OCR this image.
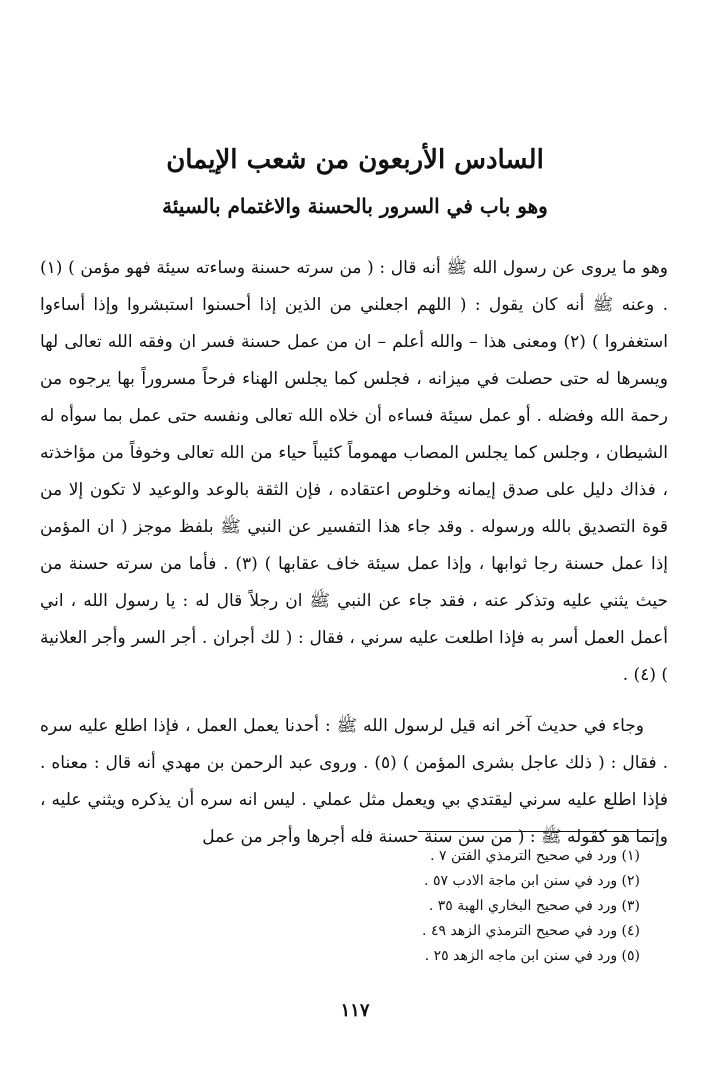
السادس الأربعون من شعب الإيمان
وهو باب في السرور بالحسنة والاغتمام بالسيئة

وهو ما يروى عن رسول الله ﷺ أنه قال : ( من سرته حسنة وساءته سيئة فهو مؤمن ) (١) . وعنه ﷺ أنه كان يقول : ( اللهم اجعلني من الذين إذا أحسنوا استبشروا وإذا أساءوا استغفروا ) (٢) ومعنى هذا – والله أعلم – ان من عمل حسنة فسر ان وفقه الله تعالى لها ويسرها له حتى حصلت في ميزانه ، فجلس كما يجلس الهناء فرحاً مسروراً بها يرجوه من رحمة الله وفضله . أو عمل سيئة فساءه أن خلاه الله تعالى ونفسه حتى عمل بما سوأه له الشيطان ، وجلس كما يجلس المصاب مهموماً كئيباً حياء من الله تعالى وخوفاً من مؤاخذته ، فذاك دليل على صدق إيمانه وخلوص اعتقاده ، فإن الثقة بالوعد والوعيد لا تكون إلا من قوة التصديق بالله ورسوله . وقد جاء هذا التفسير عن النبي ﷺ بلفظ موجز ( ان المؤمن إذا عمل حسنة رجا ثوابها ، وإذا عمل سيئة خاف عقابها ) (٣) . فأما من سرته حسنة من حيث يثني عليه وتذكر عنه ، فقد جاء عن النبي ﷺ ان رجلاً قال له : يا رسول الله ، اني أعمل العمل أسر به فإذا اطلعت عليه سرني ، فقال : ( لك أجران . أجر السر وأجر العلانية ) (٤) .

وجاء في حديث آخر انه قيل لرسول الله ﷺ : أحدنا يعمل العمل ، فإذا اطلع عليه سره . فقال : ( ذلك عاجل بشرى المؤمن ) (٥) . وروى عبد الرحمن بن مهدي أنه قال : معناه . فإذا اطلع عليه سرني ليقتدي بي ويعمل مثل عملي . ليس انه سره أن يذكره ويثني عليه ، وإنما هو كقوله ﷺ : ( من سن سنة حسنة فله أجرها وأجر من عمل

(١) ورد في صحيح الترمذي الفتن ٧ .
(٢) ورد في سنن ابن ماجة الادب ٥٧ .
(٣) ورد في صحيح البخاري الهبة ٣٥ .
(٤) ورد في صحيح الترمذي الزهد ٤٩ .
(٥) ورد في سنن ابن ماجه الزهد ٢٥ .
١١٧
